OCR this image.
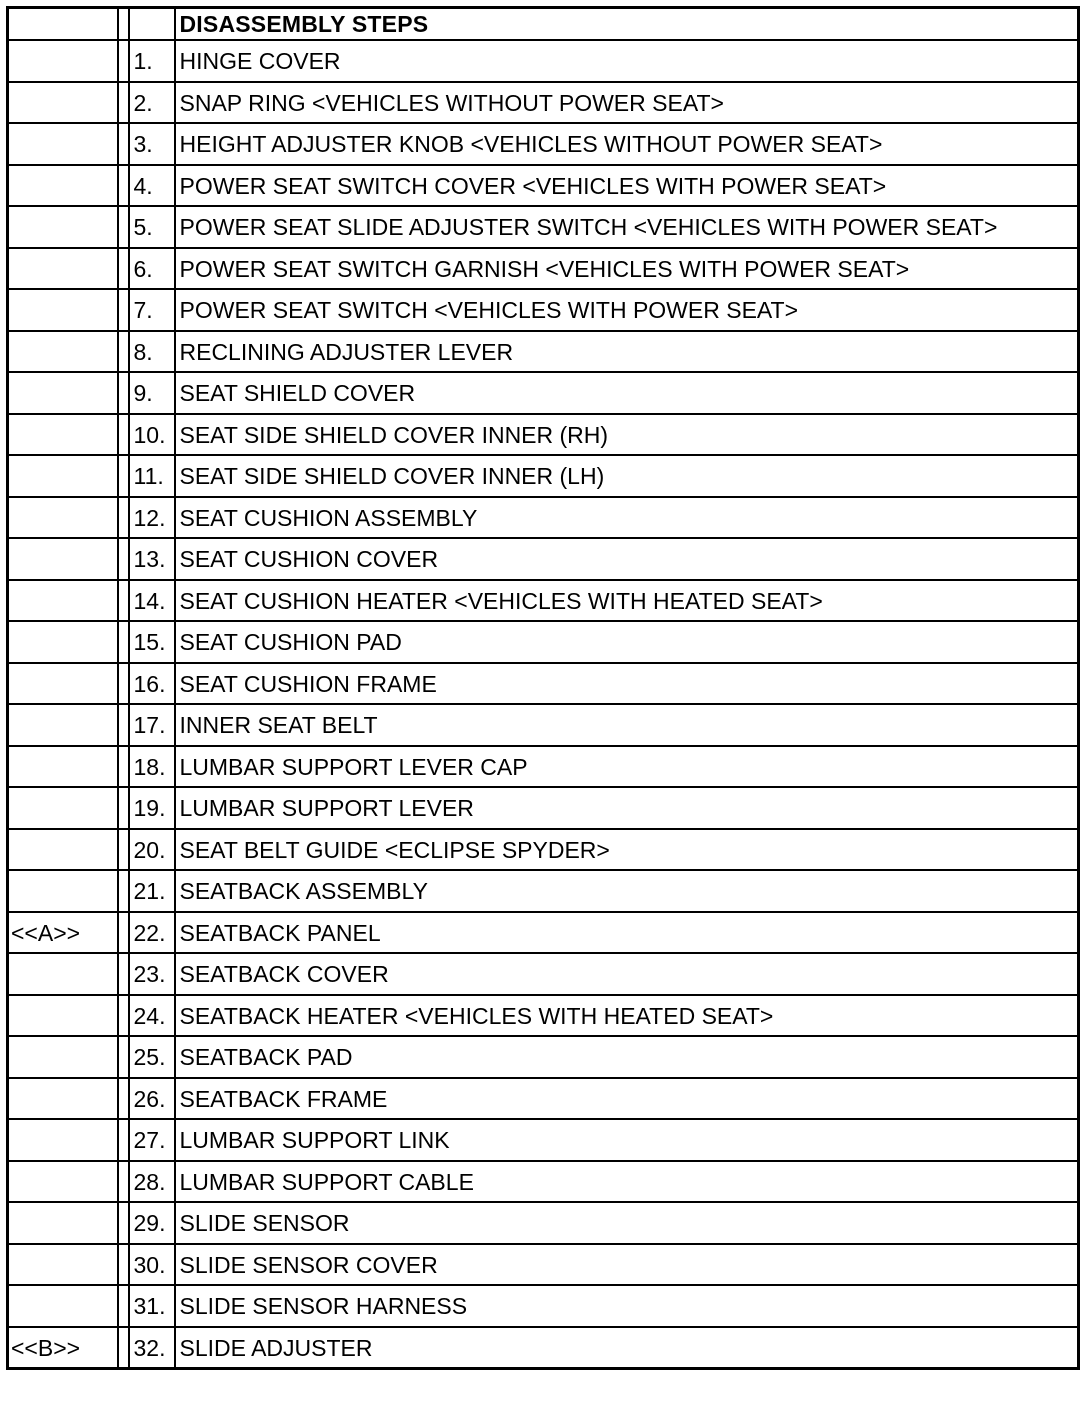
			DISASSEMBLY STEPS
		1.	HINGE COVER
		2.	SNAP RING <VEHICLES WITHOUT POWER SEAT>
		3.	HEIGHT ADJUSTER KNOB <VEHICLES WITHOUT POWER SEAT>
		4.	POWER SEAT SWITCH COVER <VEHICLES WITH POWER SEAT>
		5.	POWER SEAT SLIDE ADJUSTER SWITCH <VEHICLES WITH POWER SEAT>
		6.	POWER SEAT SWITCH GARNISH <VEHICLES WITH POWER SEAT>
		7.	POWER SEAT SWITCH <VEHICLES WITH POWER SEAT>
		8.	RECLINING ADJUSTER LEVER
		9.	SEAT SHIELD COVER
		10.	SEAT SIDE SHIELD COVER INNER (RH)
		11.	SEAT SIDE SHIELD COVER INNER (LH)
		12.	SEAT CUSHION ASSEMBLY
		13.	SEAT CUSHION COVER
		14.	SEAT CUSHION HEATER <VEHICLES WITH HEATED SEAT>
		15.	SEAT CUSHION PAD
		16.	SEAT CUSHION FRAME
		17.	INNER SEAT BELT
		18.	LUMBAR SUPPORT LEVER CAP
		19.	LUMBAR SUPPORT LEVER
		20.	SEAT BELT GUIDE <ECLIPSE SPYDER>
		21.	SEATBACK ASSEMBLY
<<A>>		22.	SEATBACK PANEL
		23.	SEATBACK COVER
		24.	SEATBACK HEATER <VEHICLES WITH HEATED SEAT>
		25.	SEATBACK PAD
		26.	SEATBACK FRAME
		27.	LUMBAR SUPPORT LINK
		28.	LUMBAR SUPPORT CABLE
		29.	SLIDE SENSOR
		30.	SLIDE SENSOR COVER
		31.	SLIDE SENSOR HARNESS
<<B>>		32.	SLIDE ADJUSTER
